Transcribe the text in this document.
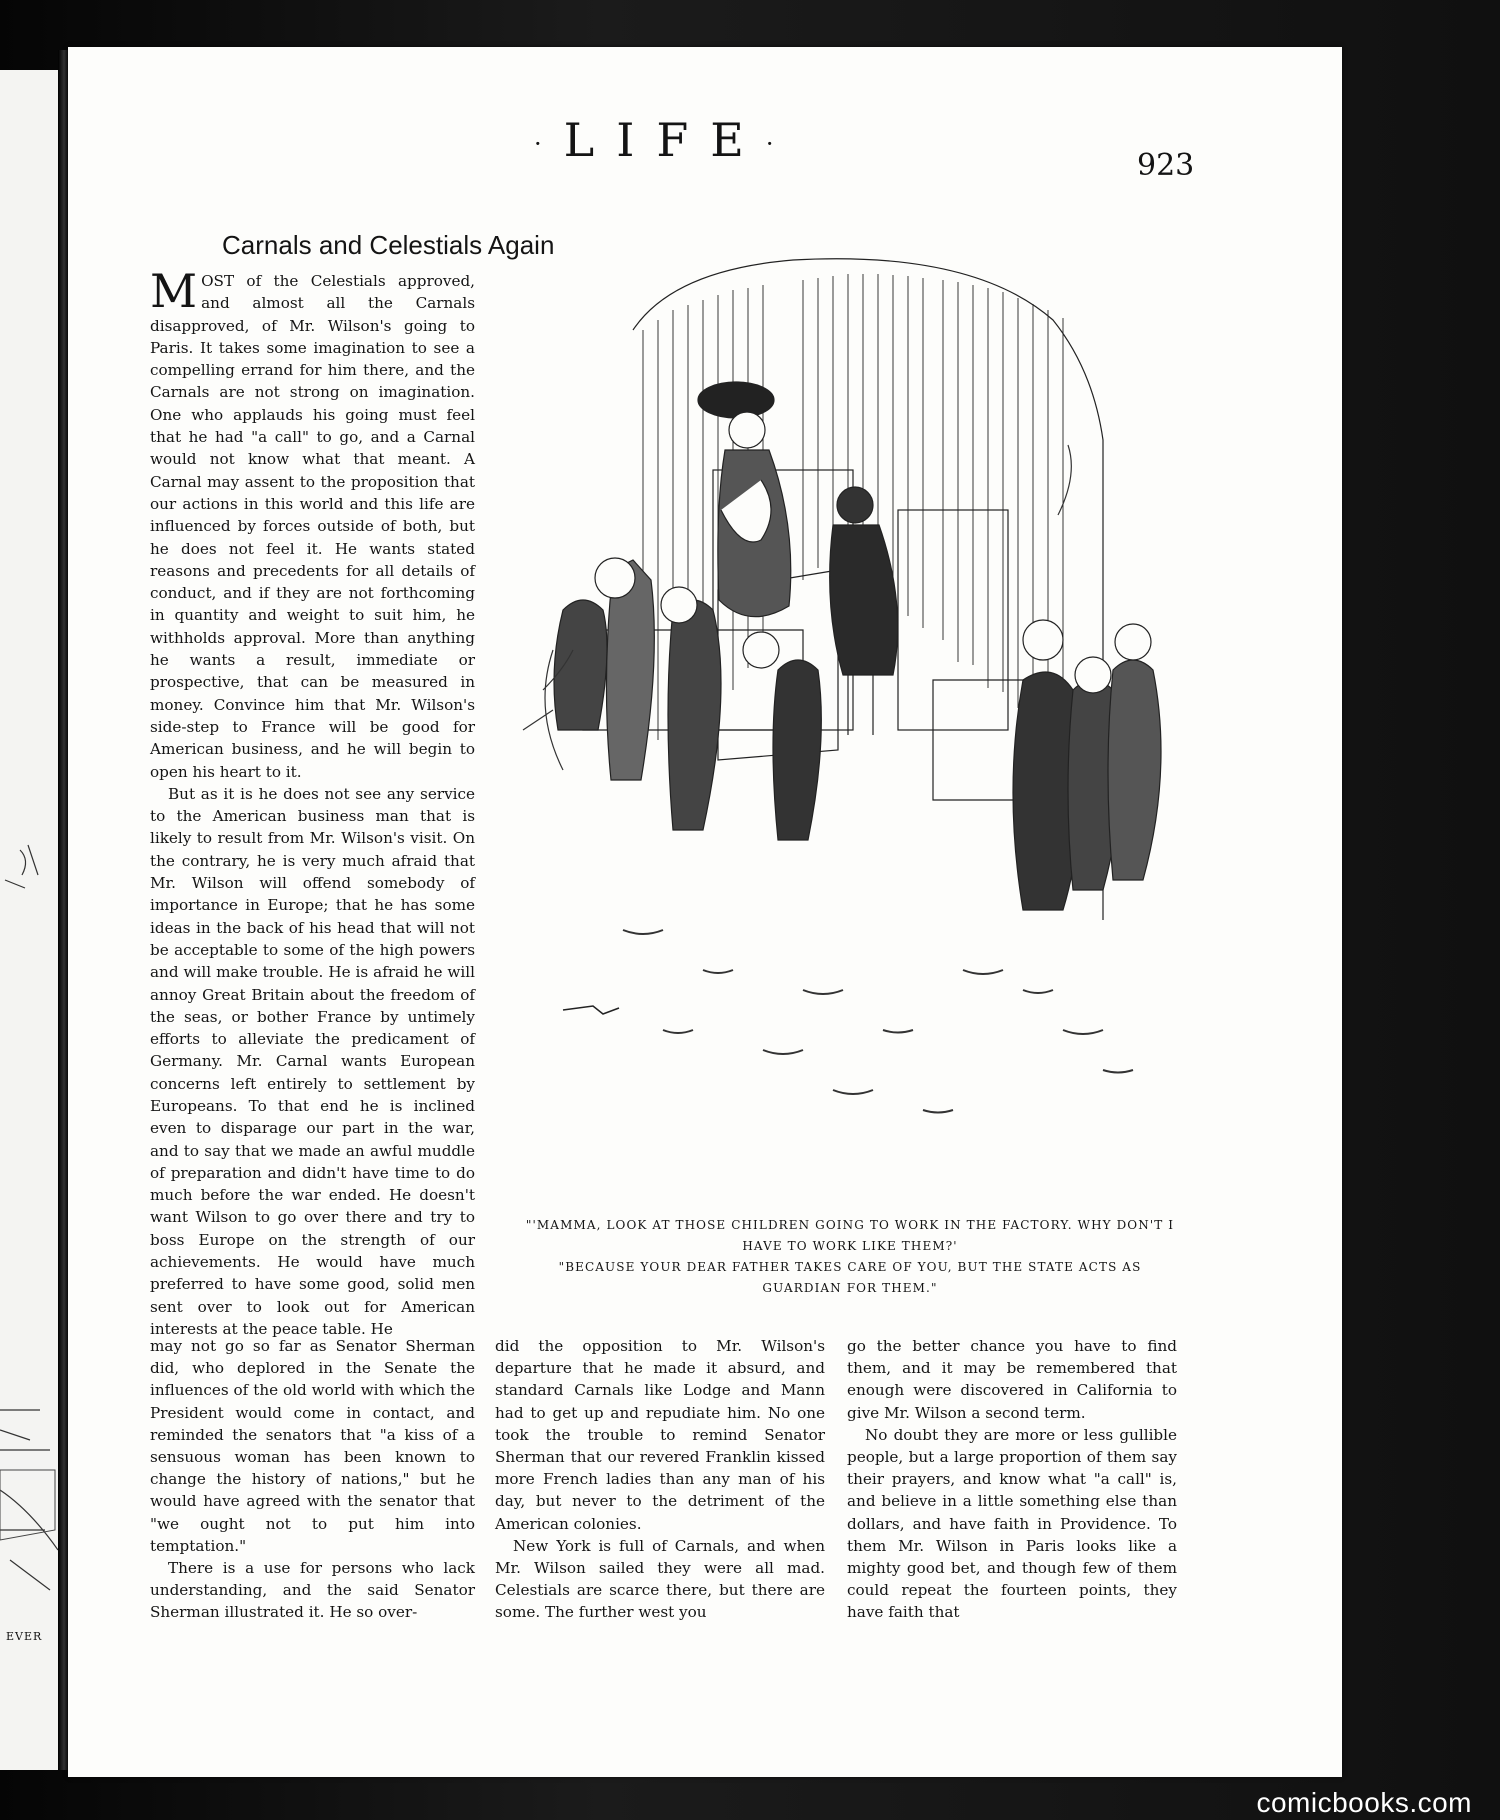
EVER
·LIFE·
923
Carnals and Celestials Again

MOST of the Celestials approved, and almost all the Carnals disapproved, of Mr. Wilson's going to Paris. It takes some imagination to see a compelling errand for him there, and the Carnals are not strong on imagination. One who applauds his going must feel that he had "a call" to go, and a Carnal would not know what that meant. A Carnal may assent to the proposition that our actions in this world and this life are influenced by forces outside of both, but he does not feel it. He wants stated reasons and precedents for all details of conduct, and if they are not forthcoming in quantity and weight to suit him, he withholds approval. More than anything he wants a result, immediate or prospective, that can be measured in money. Convince him that Mr. Wilson's side-step to France will be good for American business, and he will begin to open his heart to it.

But as it is he does not see any service to the American business man that is likely to result from Mr. Wilson's visit. On the contrary, he is very much afraid that Mr. Wilson will offend somebody of importance in Europe; that he has some ideas in the back of his head that will not be acceptable to some of the high powers and will make trouble. He is afraid he will annoy Great Britain about the freedom of the seas, or bother France by untimely efforts to alleviate the predicament of Germany. Mr. Carnal wants European concerns left entirely to settlement by Europeans. To that end he is inclined even to disparage our part in the war, and to say that we made an awful muddle of preparation and didn't have time to do much before the war ended. He doesn't want Wilson to go over there and try to boss Europe on the strength of our achievements. He would have much preferred to have some good, solid men sent over to look out for American interests at the peace table. He

"'MAMMA, LOOK AT THOSE CHILDREN GOING TO WORK IN THE FACTORY. WHY DON'T I HAVE TO WORK LIKE THEM?'
"BECAUSE YOUR DEAR FATHER TAKES CARE OF YOU, BUT THE STATE ACTS AS GUARDIAN FOR THEM."

may not go so far as Senator Sherman did, who deplored in the Senate the influences of the old world with which the President would come in contact, and reminded the senators that "a kiss of a sensuous woman has been known to change the history of nations," but he would have agreed with the senator that "we ought not to put him into temptation."

There is a use for persons who lack understanding, and the said Senator Sherman illustrated it. He so over-

did the opposition to Mr. Wilson's departure that he made it absurd, and standard Carnals like Lodge and Mann had to get up and repudiate him. No one took the trouble to remind Senator Sherman that our revered Franklin kissed more French ladies than any man of his day, but never to the detriment of the American colonies.

New York is full of Carnals, and when Mr. Wilson sailed they were all mad. Celestials are scarce there, but there are some. The further west you

go the better chance you have to find them, and it may be remembered that enough were discovered in California to give Mr. Wilson a second term.

No doubt they are more or less gullible people, but a large proportion of them say their prayers, and know what "a call" is, and believe in a little something else than dollars, and have faith in Providence. To them Mr. Wilson in Paris looks like a mighty good bet, and though few of them could repeat the fourteen points, they have faith that

comicbooks.com
